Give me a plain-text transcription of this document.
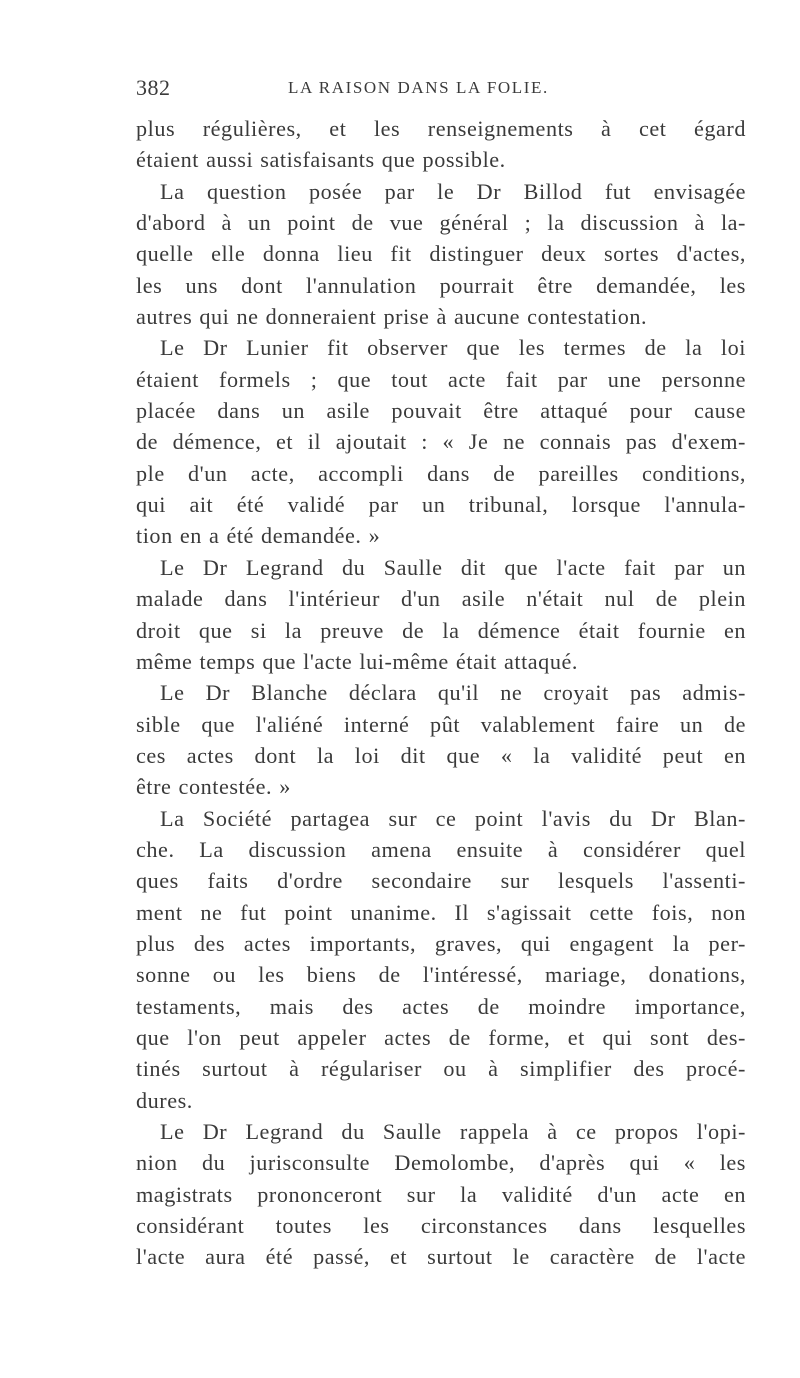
382	LA RAISON DANS LA FOLIE.

plus régulières, et les renseignements à cet égard
étaient aussi satisfaisants que possible.

La question posée par le Dr Billod fut envisagée
d'abord à un point de vue général ; la discussion à la-
quelle elle donna lieu fit distinguer deux sortes d'actes,
les uns dont l'annulation pourrait être demandée, les
autres qui ne donneraient prise à aucune contestation.

Le Dr Lunier fit observer que les termes de la loi
étaient formels ; que tout acte fait par une personne
placée dans un asile pouvait être attaqué pour cause
de démence, et il ajoutait : « Je ne connais pas d'exem-
ple d'un acte, accompli dans de pareilles conditions,
qui ait été validé par un tribunal, lorsque l'annula-
tion en a été demandée. »

Le Dr Legrand du Saulle dit que l'acte fait par un
malade dans l'intérieur d'un asile n'était nul de plein
droit que si la preuve de la démence était fournie en
même temps que l'acte lui-même était attaqué.

Le Dr Blanche déclara qu'il ne croyait pas admis-
sible que l'aliéné interné pût valablement faire un de
ces actes dont la loi dit que « la validité peut en
être contestée. »

La Société partagea sur ce point l'avis du Dr Blan-
che. La discussion amena ensuite à considérer quel
ques faits d'ordre secondaire sur lesquels l'assenti-
ment ne fut point unanime. Il s'agissait cette fois, non
plus des actes importants, graves, qui engagent la per-
sonne ou les biens de l'intéressé, mariage, donations,
testaments, mais des actes de moindre importance,
que l'on peut appeler actes de forme, et qui sont des-
tinés surtout à régulariser ou à simplifier des procé-
dures.

Le Dr Legrand du Saulle rappela à ce propos l'opi-
nion du jurisconsulte Demolombe, d'après qui « les
magistrats prononceront sur la validité d'un acte en
considérant toutes les circonstances dans lesquelles
l'acte aura été passé, et surtout le caractère de l'acte
